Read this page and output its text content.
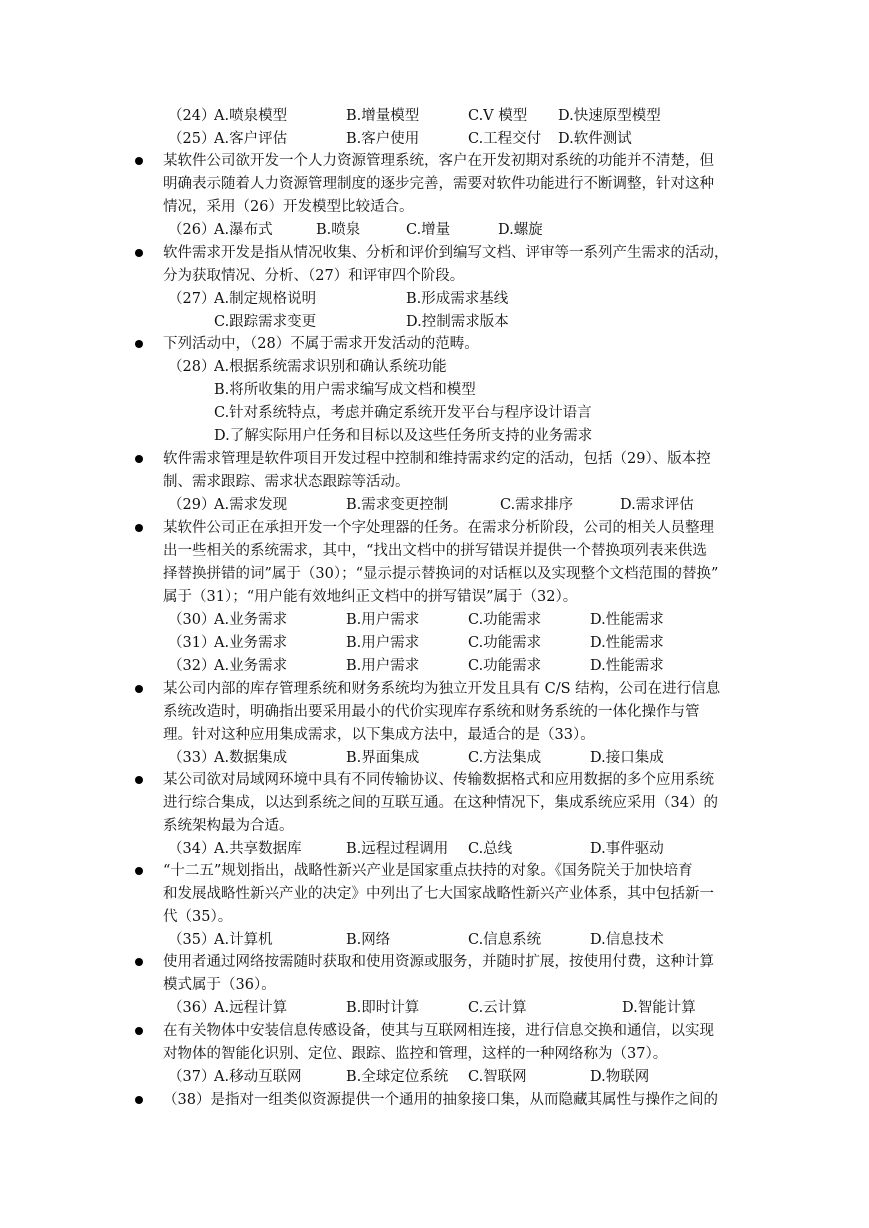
（24）
A.喷泉模型	B.增量模型	C.V 模型 D.快速原型模型
（25）
A.客户评估	B.客户使用	C.工程交付 D.软件测试
某软件公司欲开发一个人力资源管理系统，客户在开发初期对系统的功能并不清楚，但
明确表示随着人力资源管理制度的逐步完善，需要对软件功能进行不断调整，针对这种
情况，采用（26）开发模型比较适合。
（26）
A.瀑布式	B.喷泉	C.增量	D.螺旋
软件需求开发是指从情况收集、分析和评价到编写文档、评审等一系列产生需求的活动，
分为获取情况、分析、（27）和评审四个阶段。
（27）
A.制定规格说明	B.形成需求基线
C.跟踪需求变更	D.控制需求版本
下列活动中，（28）不属于需求开发活动的范畴。
（28）
A.根据系统需求识别和确认系统功能
B.将所收集的用户需求编写成文档和模型
C.针对系统特点，考虑并确定系统开发平台与程序设计语言
D.了解实际用户任务和目标以及这些任务所支持的业务需求
软件需求管理是软件项目开发过程中控制和维持需求约定的活动，包括（29）、版本控
制、需求跟踪、需求状态跟踪等活动。
（29）
A.需求发现	B.需求变更控制	C.需求排序	D.需求评估
某软件公司正在承担开发一个字处理器的任务。在需求分析阶段，公司的相关人员整理
出一些相关的系统需求，其中，“找出文档中的拼写错误并提供一个替换项列表来供选
择替换拼错的词”属于（30）；“显示提示替换词的对话框以及实现整个文档范围的替换”
属于（31）；“用户能有效地纠正文档中的拼写错误”属于（32）。
（30）
A.业务需求	B.用户需求	C.功能需求	D.性能需求
（31）
A.业务需求	B.用户需求	C.功能需求	D.性能需求
（32）
A.业务需求	B.用户需求	C.功能需求	D.性能需求
某公司内部的库存管理系统和财务系统均为独立开发且具有 C/S 结构，公司在进行信息
系统改造时，明确指出要采用最小的代价实现库存系统和财务系统的一体化操作与管
理。针对这种应用集成需求，以下集成方法中，最适合的是（33）。
（33）
A.数据集成	B.界面集成	C.方法集成	D.接口集成
某公司欲对局域网环境中具有不同传输协议、传输数据格式和应用数据的多个应用系统
进行综合集成，以达到系统之间的互联互通。在这种情况下，集成系统应采用（34）的
系统架构最为合适。
（34）
A.共享数据库	B.远程过程调用 C.总线	D.事件驱动
“十二五”规划指出，战略性新兴产业是国家重点扶持的对象。《国务院关于加快培育
和发展战略性新兴产业的决定》中列出了七大国家战略性新兴产业体系，其中包括新一
代（35）。
（35）
A.计算机	B.网络	C.信息系统	D.信息技术
使用者通过网络按需随时获取和使用资源或服务，并随时扩展，按使用付费，这种计算
模式属于（36）。
（36）
A.远程计算	B.即时计算	C.云计算	D.智能计算
在有关物体中安装信息传感设备，使其与互联网相连接，进行信息交换和通信，以实现
对物体的智能化识别、定位、跟踪、监控和管理，这样的一种网络称为（37）。
（37）
A.移动互联网	B.全球定位系统 C.智联网	D.物联网
（38）是指对一组类似资源提供一个通用的抽象接口集，从而隐藏其属性与操作之间的
